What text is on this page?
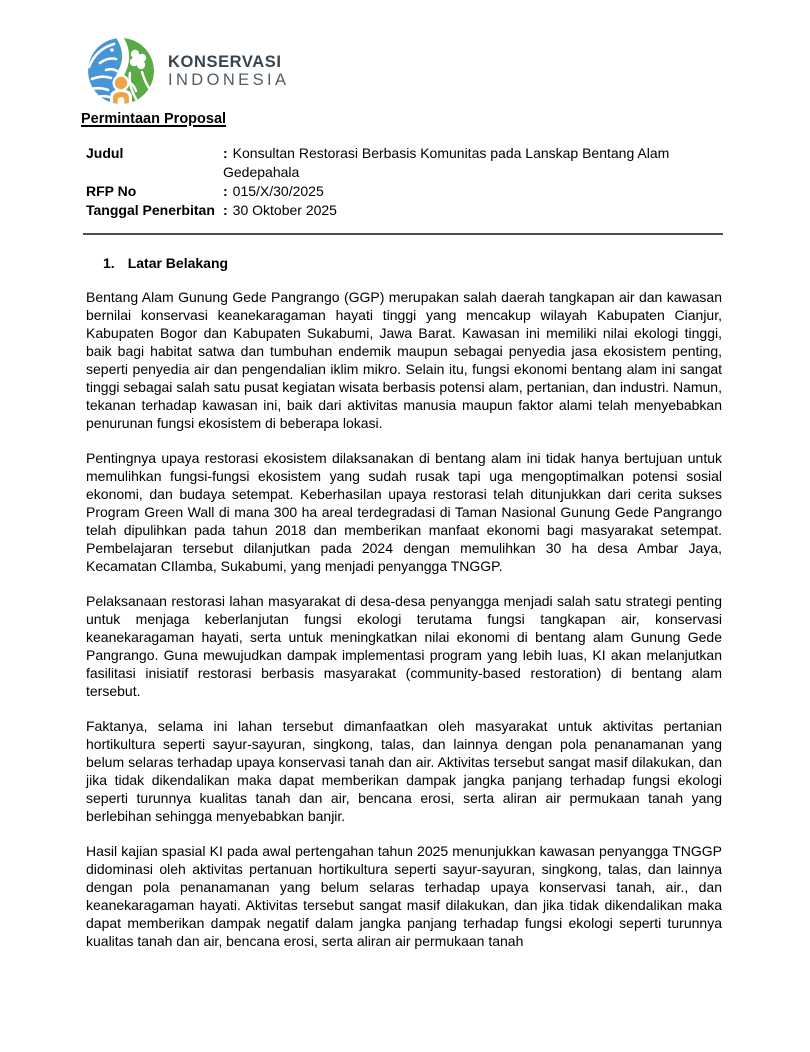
KONSERVASI
INDONESIA
Permintaan Proposal
Judul	: Konsultan Restorasi Berbasis Komunitas pada Lanskap Bentang Alam Gedepahala
RFP No	: 015/X/30/2025
Tanggal Penerbitan : 30 Oktober 2025
1. Latar Belakang
Bentang Alam Gunung Gede Pangrango (GGP) merupakan salah daerah tangkapan air dan kawasan bernilai konservasi keanekaragaman hayati tinggi yang mencakup wilayah Kabupaten Cianjur, Kabupaten Bogor dan Kabupaten Sukabumi, Jawa Barat. Kawasan ini memiliki nilai ekologi tinggi, baik bagi habitat satwa dan tumbuhan endemik maupun sebagai penyedia jasa ekosistem penting, seperti penyedia air dan pengendalian iklim mikro. Selain itu, fungsi ekonomi bentang alam ini sangat tinggi sebagai salah satu pusat kegiatan wisata berbasis potensi alam, pertanian, dan industri. Namun, tekanan terhadap kawasan ini, baik dari aktivitas manusia maupun faktor alami telah menyebabkan penurunan fungsi ekosistem di beberapa lokasi.
Pentingnya upaya restorasi ekosistem dilaksanakan di bentang alam ini tidak hanya bertujuan untuk memulihkan fungsi-fungsi ekosistem yang sudah rusak tapi uga mengoptimalkan potensi sosial ekonomi, dan budaya setempat. Keberhasilan upaya restorasi telah ditunjukkan dari cerita sukses Program Green Wall di mana 300 ha areal terdegradasi di Taman Nasional Gunung Gede Pangrango telah dipulihkan pada tahun 2018 dan memberikan manfaat ekonomi bagi masyarakat setempat. Pembelajaran tersebut dilanjutkan pada 2024 dengan memulihkan 30 ha desa Ambar Jaya, Kecamatan CIlamba, Sukabumi, yang menjadi penyangga TNGGP.
Pelaksanaan restorasi lahan masyarakat di desa-desa penyangga menjadi salah satu strategi penting untuk menjaga keberlanjutan fungsi ekologi terutama fungsi tangkapan air, konservasi keanekaragaman hayati, serta untuk meningkatkan nilai ekonomi di bentang alam Gunung Gede Pangrango. Guna mewujudkan dampak implementasi program yang lebih luas, KI akan melanjutkan fasilitasi inisiatif restorasi berbasis masyarakat (community-based restoration) di bentang alam tersebut.
Faktanya, selama ini lahan tersebut dimanfaatkan oleh masyarakat untuk aktivitas pertanian hortikultura seperti sayur-sayuran, singkong, talas, dan lainnya dengan pola penanamanan yang belum selaras terhadap upaya konservasi tanah dan air. Aktivitas tersebut sangat masif dilakukan, dan jika tidak dikendalikan maka dapat memberikan dampak jangka panjang terhadap fungsi ekologi seperti turunnya kualitas tanah dan air, bencana erosi, serta aliran air permukaan tanah yang berlebihan sehingga menyebabkan banjir.
Hasil kajian spasial KI pada awal pertengahan tahun 2025 menunjukkan kawasan penyangga TNGGP didominasi oleh aktivitas pertanuan hortikultura seperti sayur-sayuran, singkong, talas, dan lainnya dengan pola penanamanan yang belum selaras terhadap upaya konservasi tanah, air., dan keanekaragaman hayati. Aktivitas tersebut sangat masif dilakukan, dan jika tidak dikendalikan maka dapat memberikan dampak negatif dalam jangka panjang terhadap fungsi ekologi seperti turunnya kualitas tanah dan air, bencana erosi, serta aliran air permukaan tanah
